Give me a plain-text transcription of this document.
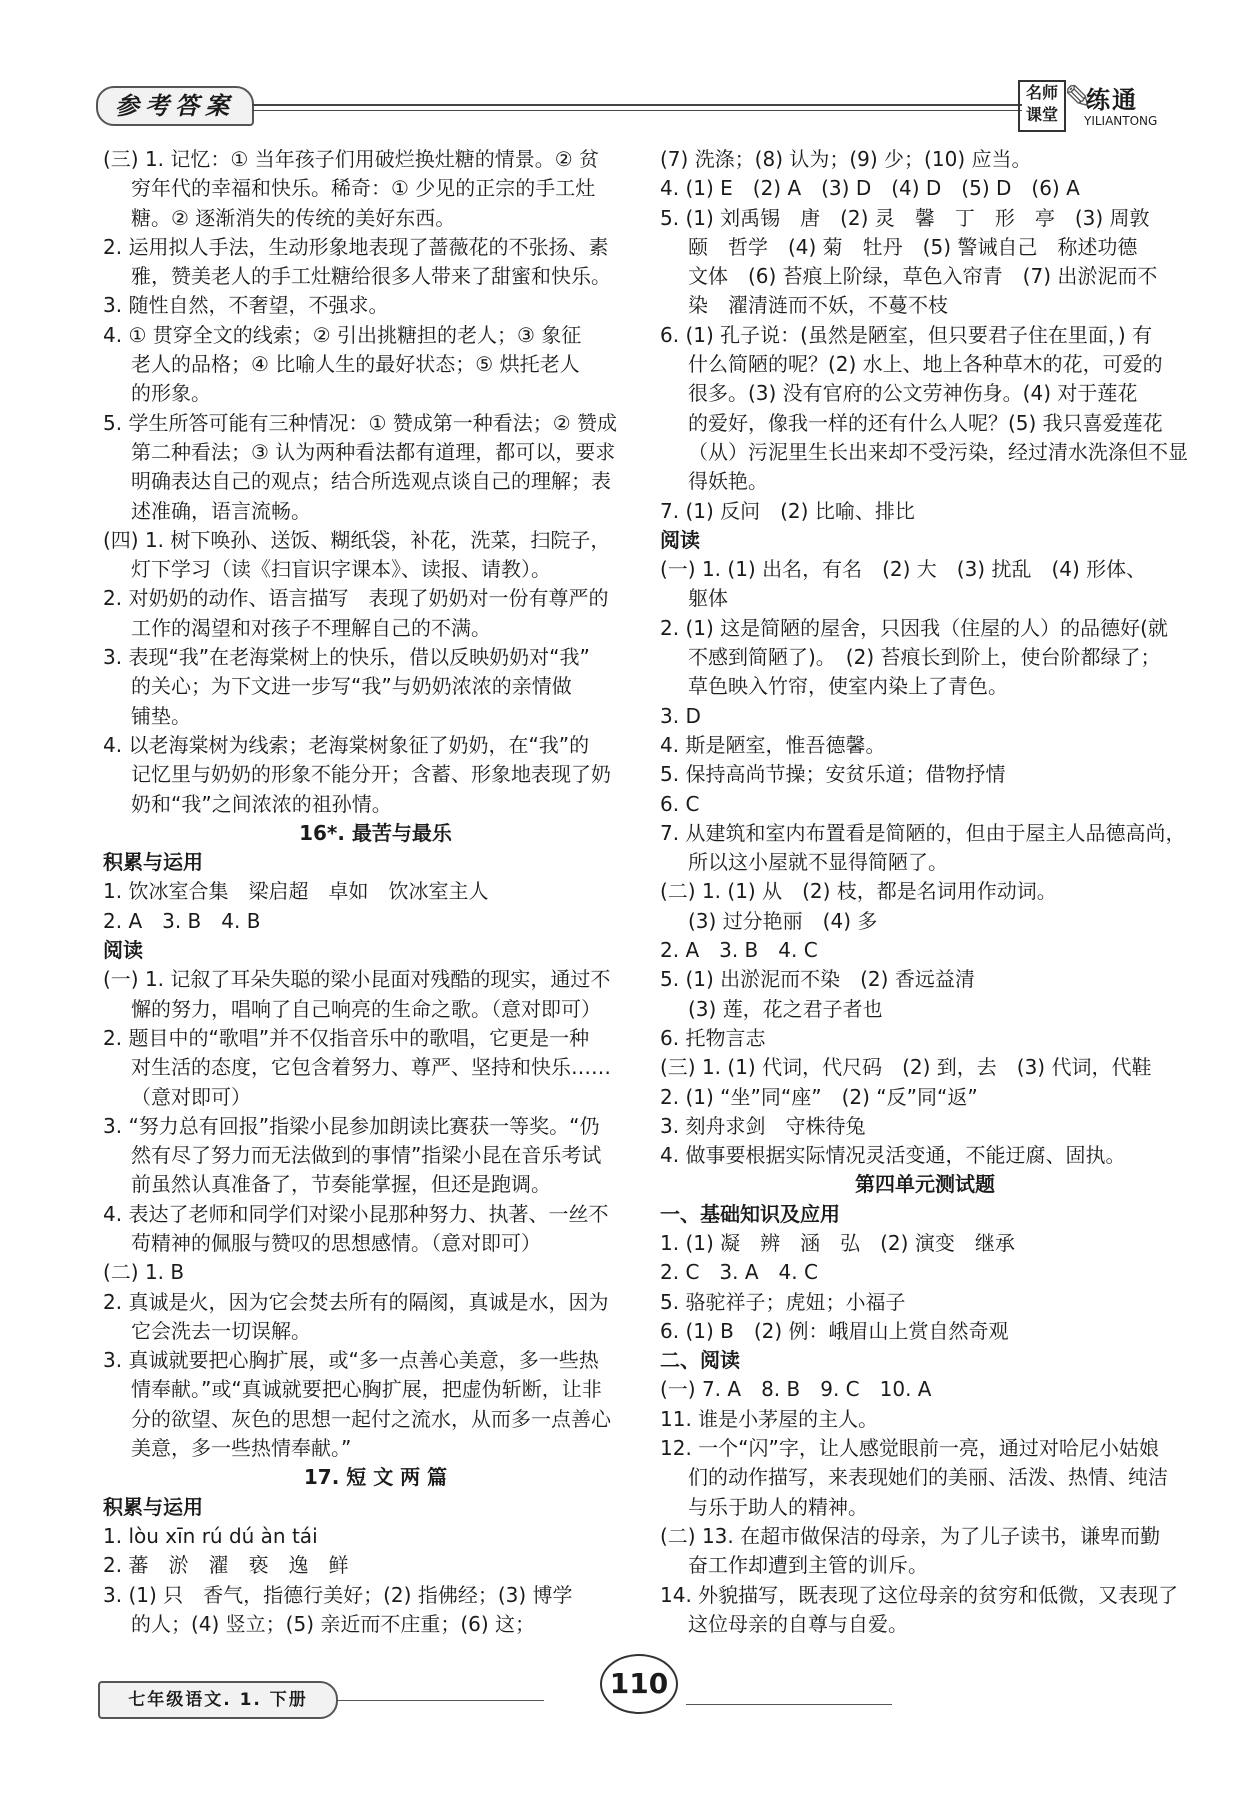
参考答案	名师课堂 ✎
练通
YILIANTONG

(三) 1. 记忆：① 当年孩子们用破烂换灶糖的情景。② 贫

穷年代的幸福和快乐。稀奇：① 少见的正宗的手工灶

糖。② 逐渐消失的传统的美好东西。

2. 运用拟人手法，生动形象地表现了蔷薇花的不张扬、素

雅，赞美老人的手工灶糖给很多人带来了甜蜜和快乐。

3. 随性自然，不奢望，不强求。

4. ① 贯穿全文的线索；② 引出挑糖担的老人；③ 象征

老人的品格；④ 比喻人生的最好状态；⑤ 烘托老人

的形象。

5. 学生所答可能有三种情况：① 赞成第一种看法；② 赞成

第二种看法；③ 认为两种看法都有道理，都可以，要求

明确表达自己的观点；结合所选观点谈自己的理解；表

述准确，语言流畅。

(四) 1. 树下唤孙、送饭、糊纸袋，补花，洗菜，扫院子，

灯下学习（读《扫盲识字课本》、读报、请教）。

2. 对奶奶的动作、语言描写　表现了奶奶对一份有尊严的

工作的渴望和对孩子不理解自己的不满。

3. 表现“我”在老海棠树上的快乐，借以反映奶奶对“我”

的关心；为下文进一步写“我”与奶奶浓浓的亲情做

铺垫。

4. 以老海棠树为线索；老海棠树象征了奶奶，在“我”的

记忆里与奶奶的形象不能分开；含蓄、形象地表现了奶

奶和“我”之间浓浓的祖孙情。

16*. 最苦与最乐

积累与运用

1. 饮冰室合集　梁启超　卓如　饮冰室主人

2. A　3. B　4. B

阅读

(一) 1. 记叙了耳朵失聪的梁小昆面对残酷的现实，通过不

懈的努力，唱响了自己响亮的生命之歌。（意对即可）

2. 题目中的“歌唱”并不仅指音乐中的歌唱，它更是一种

对生活的态度，它包含着努力、尊严、坚持和快乐……

（意对即可）

3. “努力总有回报”指梁小昆参加朗读比赛获一等奖。“仍

然有尽了努力而无法做到的事情”指梁小昆在音乐考试

前虽然认真准备了，节奏能掌握，但还是跑调。

4. 表达了老师和同学们对梁小昆那种努力、执著、一丝不

苟精神的佩服与赞叹的思想感情。（意对即可）

(二) 1. B

2. 真诚是火，因为它会焚去所有的隔阂，真诚是水，因为

它会洗去一切误解。

3. 真诚就要把心胸扩展，或“多一点善心美意，多一些热

情奉献。”或“真诚就要把心胸扩展，把虚伪斩断，让非

分的欲望、灰色的思想一起付之流水，从而多一点善心

美意，多一些热情奉献。”

17. 短 文 两 篇

积累与运用

1. lòu xīn rú dú àn tái

2. 蕃　淤　濯　亵　逸　鲜

3. (1) 只　香气，指德行美好；(2) 指佛经；(3) 博学

的人；(4) 竖立；(5) 亲近而不庄重；(6) 这；

(7) 洗涤；(8) 认为；(9) 少；(10) 应当。

4. (1) E　(2) A　(3) D　(4) D　(5) D　(6) A

5. (1) 刘禹锡　唐　(2) 灵　馨　丁　形　亭　(3) 周敦

颐　哲学　(4) 菊　牡丹　(5) 警诫自己　称述功德

文体　(6) 苔痕上阶绿，草色入帘青　(7) 出淤泥而不

染　濯清涟而不妖，不蔓不枝

6. (1) 孔子说：(虽然是陋室，但只要君子住在里面，) 有

什么简陋的呢？(2) 水上、地上各种草木的花，可爱的

很多。(3) 没有官府的公文劳神伤身。(4) 对于莲花

的爱好，像我一样的还有什么人呢？(5) 我只喜爱莲花

（从）污泥里生长出来却不受污染，经过清水洗涤但不显

得妖艳。

7. (1) 反问　(2) 比喻、排比

阅读

(一) 1. (1) 出名，有名　(2) 大　(3) 扰乱　(4) 形体、

躯体

2. (1) 这是简陋的屋舍，只因我（住屋的人）的品德好(就

不感到简陋了)。　(2) 苔痕长到阶上，使台阶都绿了；

草色映入竹帘，使室内染上了青色。

3. D

4. 斯是陋室，惟吾德馨。

5. 保持高尚节操；安贫乐道；借物抒情

6. C

7. 从建筑和室内布置看是简陋的，但由于屋主人品德高尚，

所以这小屋就不显得简陋了。

(二) 1. (1) 从　(2) 枝，都是名词用作动词。

(3) 过分艳丽　(4) 多

2. A　3. B　4. C

5. (1) 出淤泥而不染　(2) 香远益清

(3) 莲，花之君子者也

6. 托物言志

(三) 1. (1) 代词，代尺码　(2) 到，去　(3) 代词，代鞋

2. (1) “坐”同“座”　(2) “反”同“返”

3. 刻舟求剑　守株待兔

4. 做事要根据实际情况灵活变通，不能迂腐、固执。

第四单元测试题

一、基础知识及应用

1. (1) 凝　辨　涵　弘　(2) 演变　继承

2. C　3. A　4. C

5. 骆驼祥子；虎妞；小福子

6. (1) B　(2) 例：峨眉山上赏自然奇观

二、阅读

(一) 7. A　8. B　9. C　10. A

11. 谁是小茅屋的主人。

12. 一个“闪”字，让人感觉眼前一亮，通过对哈尼小姑娘

们的动作描写，来表现她们的美丽、活泼、热情、纯洁

与乐于助人的精神。

(二) 13. 在超市做保洁的母亲，为了儿子读书，谦卑而勤

奋工作却遭到主管的训斥。

14. 外貌描写，既表现了这位母亲的贫穷和低微，又表现了

这位母亲的自尊与自爱。

七年级语文. 1. 下册	110
